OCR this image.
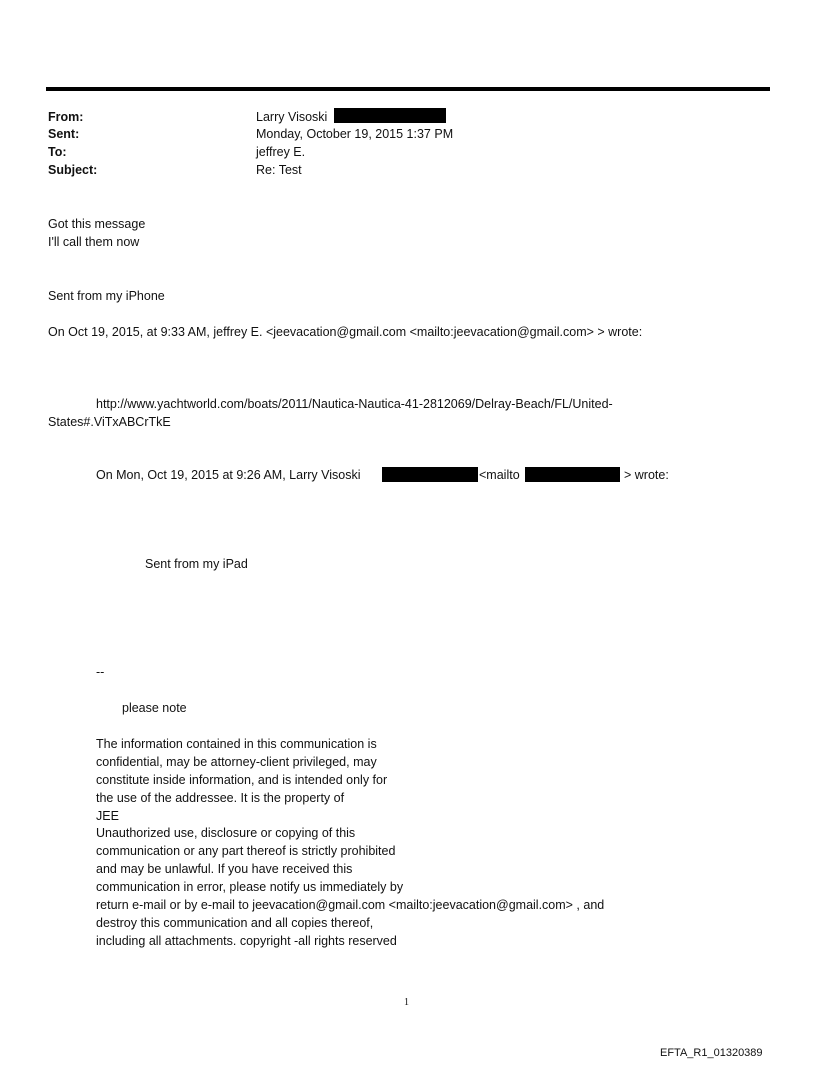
From:	Larry Visoski
Sent:	Monday, October 19, 2015 1:37 PM
To:	jeffrey E.
Subject:	Re: Test
Got this message
I'll call them now
Sent from my iPhone
On Oct 19, 2015, at 9:33 AM, jeffrey E. <jeevacation@gmail.com <mailto:jeevacation@gmail.com> > wrote:
http://www.yachtworld.com/boats/2011/Nautica-Nautica-41-2812069/Delray-Beach/FL/United-
States#.ViTxABCrTkE
On Mon, Oct 19, 2015 at 9:26 AM, Larry Visoski	<mailto	> wrote:
Sent from my iPad
--
please note
The information contained in this communication is
confidential, may be attorney-client privileged, may
constitute inside information, and is intended only for
the use of the addressee. It is the property of
JEE
Unauthorized use, disclosure or copying of this
communication or any part thereof is strictly prohibited
and may be unlawful. If you have received this
communication in error, please notify us immediately by
return e-mail or by e-mail to jeevacation@gmail.com <mailto:jeevacation@gmail.com> , and
destroy this communication and all copies thereof,
including all attachments. copyright -all rights reserved
1
EFTA_R1_01320389
